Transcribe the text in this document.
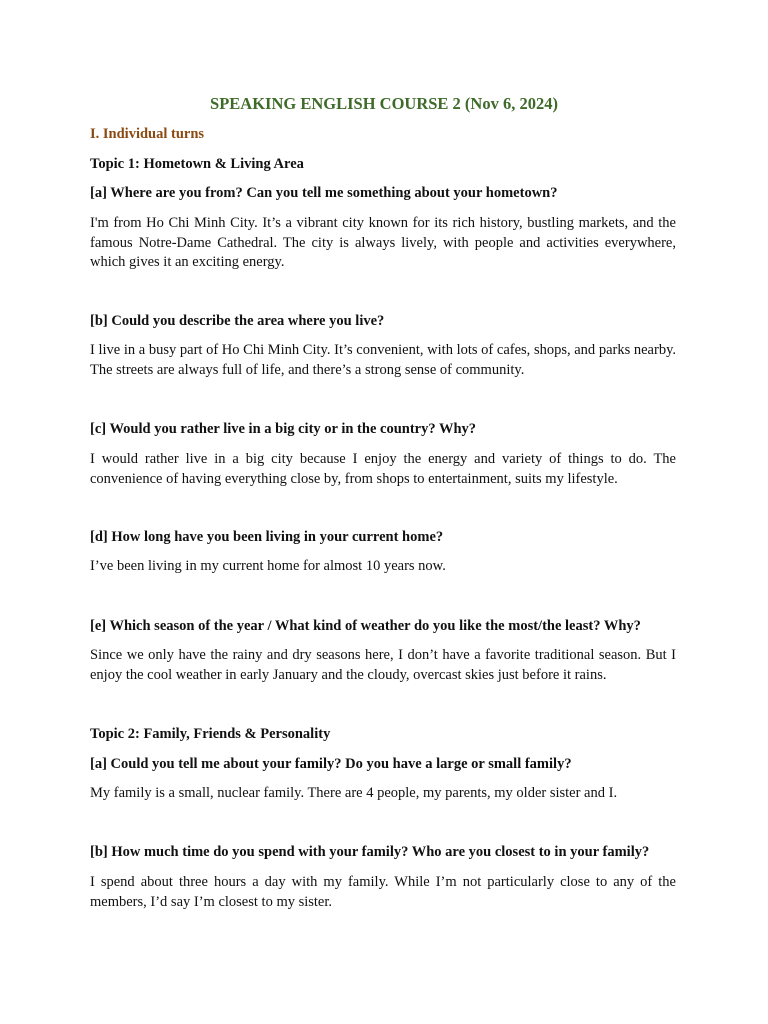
SPEAKING ENGLISH COURSE 2 (Nov 6, 2024)
I. Individual turns
Topic 1: Hometown & Living Area

[a] Where are you from? Can you tell me something about your hometown?

I'm from Ho Chi Minh City. It’s a vibrant city known for its rich history, bustling markets, and the famous Notre-Dame Cathedral. The city is always lively, with people and activities everywhere, which gives it an exciting energy.

[b] Could you describe the area where you live?

I live in a busy part of Ho Chi Minh City. It’s convenient, with lots of cafes, shops, and parks nearby. The streets are always full of life, and there’s a strong sense of community.

[c] Would you rather live in a big city or in the country? Why?

I would rather live in a big city because I enjoy the energy and variety of things to do. The convenience of having everything close by, from shops to entertainment, suits my lifestyle.

[d] How long have you been living in your current home?

I’ve been living in my current home for almost 10 years now.

[e] Which season of the year / What kind of weather do you like the most/the least? Why?

Since we only have the rainy and dry seasons here, I don’t have a favorite traditional season. But I enjoy the cool weather in early January and the cloudy, overcast skies just before it rains.

Topic 2: Family, Friends & Personality

[a] Could you tell me about your family? Do you have a large or small family?

My family is a small, nuclear family. There are 4 people, my parents, my older sister and I.

[b] How much time do you spend with your family? Who are you closest to in your family?

I spend about three hours a day with my family. While I’m not particularly close to any of the members, I’d say I’m closest to my sister.
